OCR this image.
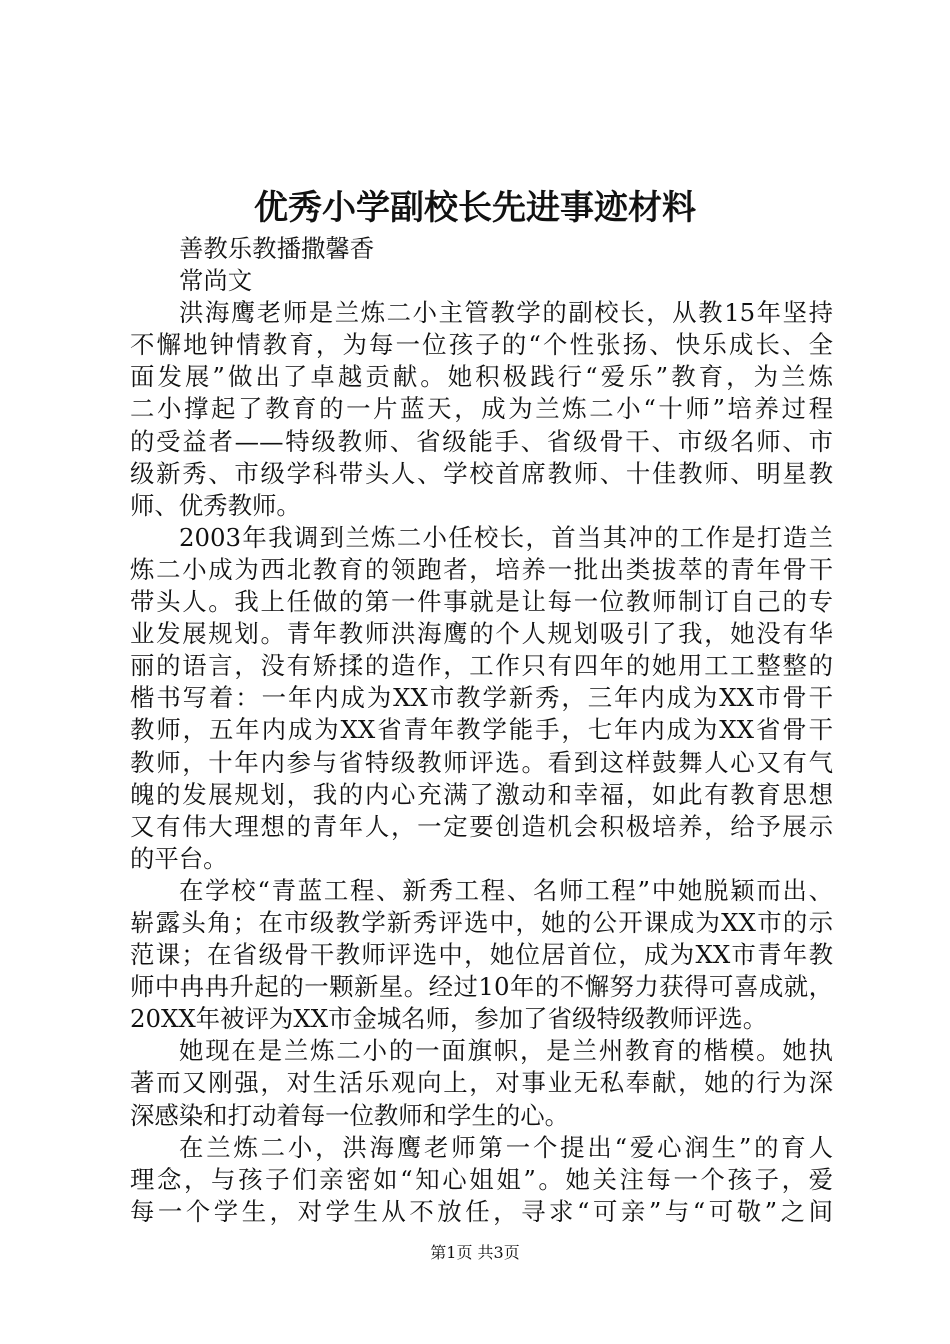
优秀小学副校长先进事迹材料

善教乐教播撒馨香

常尚文

洪海鹰老师是兰炼二小主管教学的副校长，从教15年坚持

不懈地钟情教育，为每一位孩子的“个性张扬、快乐成长、全

面发展”做出了卓越贡献。她积极践行“爱乐”教育，为兰炼

二小撑起了教育的一片蓝天，成为兰炼二小“十师”培养过程

的受益者——特级教师、省级能手、省级骨干、市级名师、市

级新秀、市级学科带头人、学校首席教师、十佳教师、明星教

师、优秀教师。

2003年我调到兰炼二小任校长，首当其冲的工作是打造兰

炼二小成为西北教育的领跑者，培养一批出类拔萃的青年骨干

带头人。我上任做的第一件事就是让每一位教师制订自己的专

业发展规划。青年教师洪海鹰的个人规划吸引了我，她没有华

丽的语言，没有矫揉的造作，工作只有四年的她用工工整整的

楷书写着：一年内成为XX市教学新秀，三年内成为XX市骨干

教师，五年内成为XX省青年教学能手，七年内成为XX省骨干

教师，十年内参与省特级教师评选。看到这样鼓舞人心又有气

魄的发展规划，我的内心充满了激动和幸福，如此有教育思想

又有伟大理想的青年人，一定要创造机会积极培养，给予展示

的平台。

在学校“青蓝工程、新秀工程、名师工程”中她脱颖而出、

崭露头角；在市级教学新秀评选中，她的公开课成为XX市的示

范课；在省级骨干教师评选中，她位居首位，成为XX市青年教

师中冉冉升起的一颗新星。经过10年的不懈努力获得可喜成就，

20XX年被评为XX市金城名师，参加了省级特级教师评选。

她现在是兰炼二小的一面旗帜，是兰州教育的楷模。她执

著而又刚强，对生活乐观向上，对事业无私奉献，她的行为深

深感染和打动着每一位教师和学生的心。

在兰炼二小，洪海鹰老师第一个提出“爱心润生”的育人

理念，与孩子们亲密如“知心姐姐”。她关注每一个孩子，爱

每一个学生，对学生从不放任，寻求“可亲”与“可敬”之间

第1页 共3页
